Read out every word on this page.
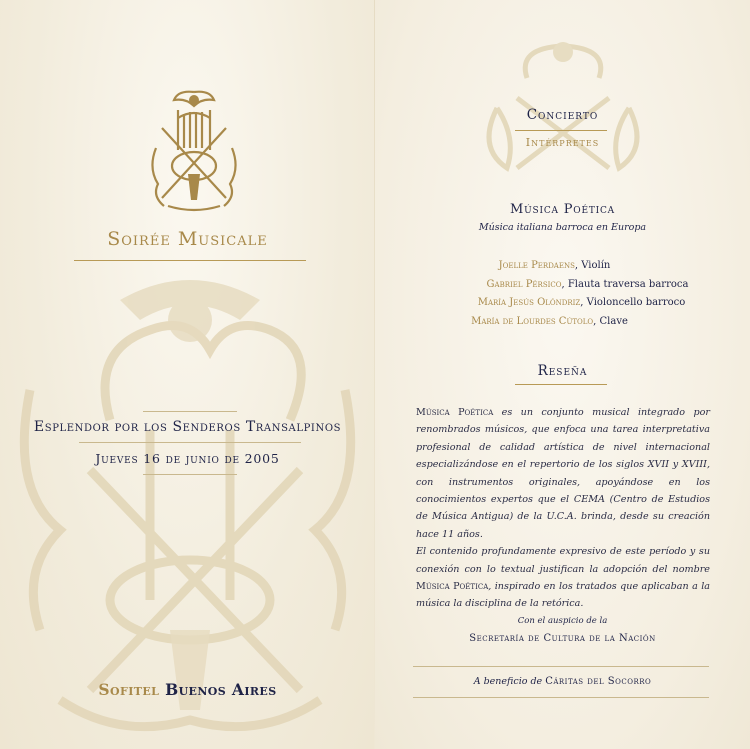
Soirée Musicale
Esplendor por los Senderos Transalpinos
Jueves 16 de junio de 2005
Sofitel Buenos Aires
Concierto
Intérpretes
Música Poética
Música italiana barroca en Europa
Joelle Perdaens, Violín
Gabriel Pérsico, Flauta traversa barroca
María Jesús Olóndriz, Violoncello barroco
María de Lourdes Cútolo, Clave
Reseña

Música Poética es un conjunto musical integrado por renombrados músicos, que enfoca una tarea interpretativa profesional de calidad artística de nivel internacional especializándose en el repertorio de los siglos XVII y XVIII, con instrumentos originales, apoyándose en los conocimientos expertos que el CEMA (Centro de Estudios de Música Antigua) de la U.C.A. brinda, desde su creación hace 11 años.

El contenido profundamente expresivo de este período y su conexión con lo textual justifican la adopción del nombre Música Poética, inspirado en los tratados que aplicaban a la música la disciplina de la retórica.

Con el auspicio de la
Secretaría de Cultura de la Nación
A beneficio de Cáritas del Socorro
